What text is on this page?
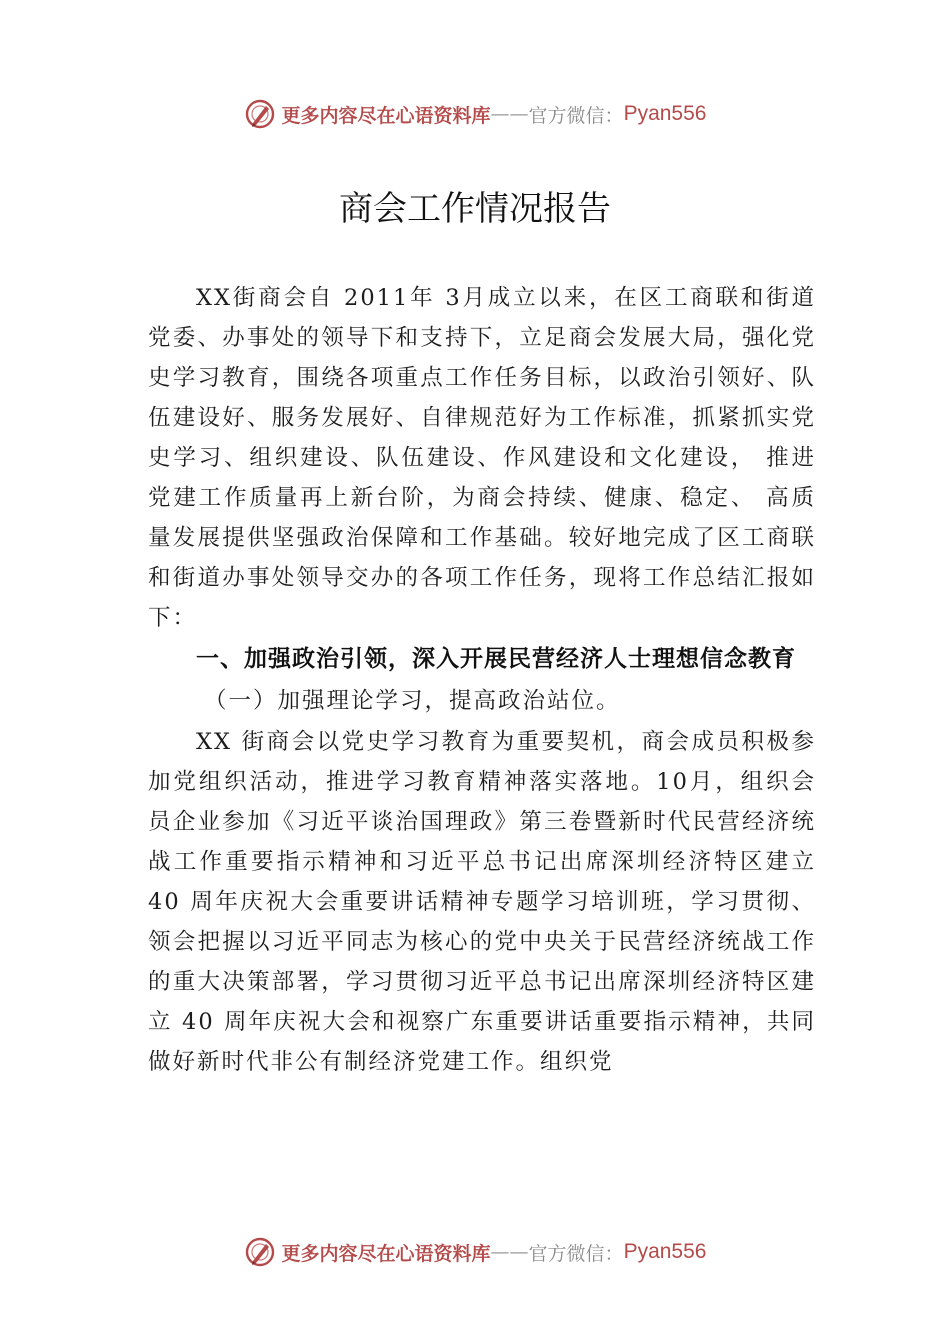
更多内容尽在心语资料库 —— 官方微信： Pyan556
商会工作情况报告

XX街商会自 2011年 3月成立以来，在区工商联和街道党委、办事处的领导下和支持下，立足商会发展大局，强化党史学习教育，围绕各项重点工作任务目标，以政治引领好、队伍建设好、服务发展好、自律规范好为工作标准，抓紧抓实党史学习、组织建设、队伍建设、作风建设和文化建设， 推进党建工作质量再上新台阶，为商会持续、健康、稳定、 高质量发展提供坚强政治保障和工作基础。较好地完成了区工商联和街道办事处领导交办的各项工作任务，现将工作总结汇报如下：

一、加强政治引领，深入开展民营经济人士理想信念教育

（一）加强理论学习，提高政治站位。

XX 街商会以党史学习教育为重要契机，商会成员积极参加党组织活动，推进学习教育精神落实落地。10月，组织会员企业参加《习近平谈治国理政》第三卷暨新时代民营经济统战工作重要指示精神和习近平总书记出席深圳经济特区建立 40 周年庆祝大会重要讲话精神专题学习培训班，学习贯彻、领会把握以习近平同志为核心的党中央关于民营经济统战工作的重大决策部署，学习贯彻习近平总书记出席深圳经济特区建立 40 周年庆祝大会和视察广东重要讲话重要指示精神，共同做好新时代非公有制经济党建工作。组织党

更多内容尽在心语资料库 —— 官方微信： Pyan556
